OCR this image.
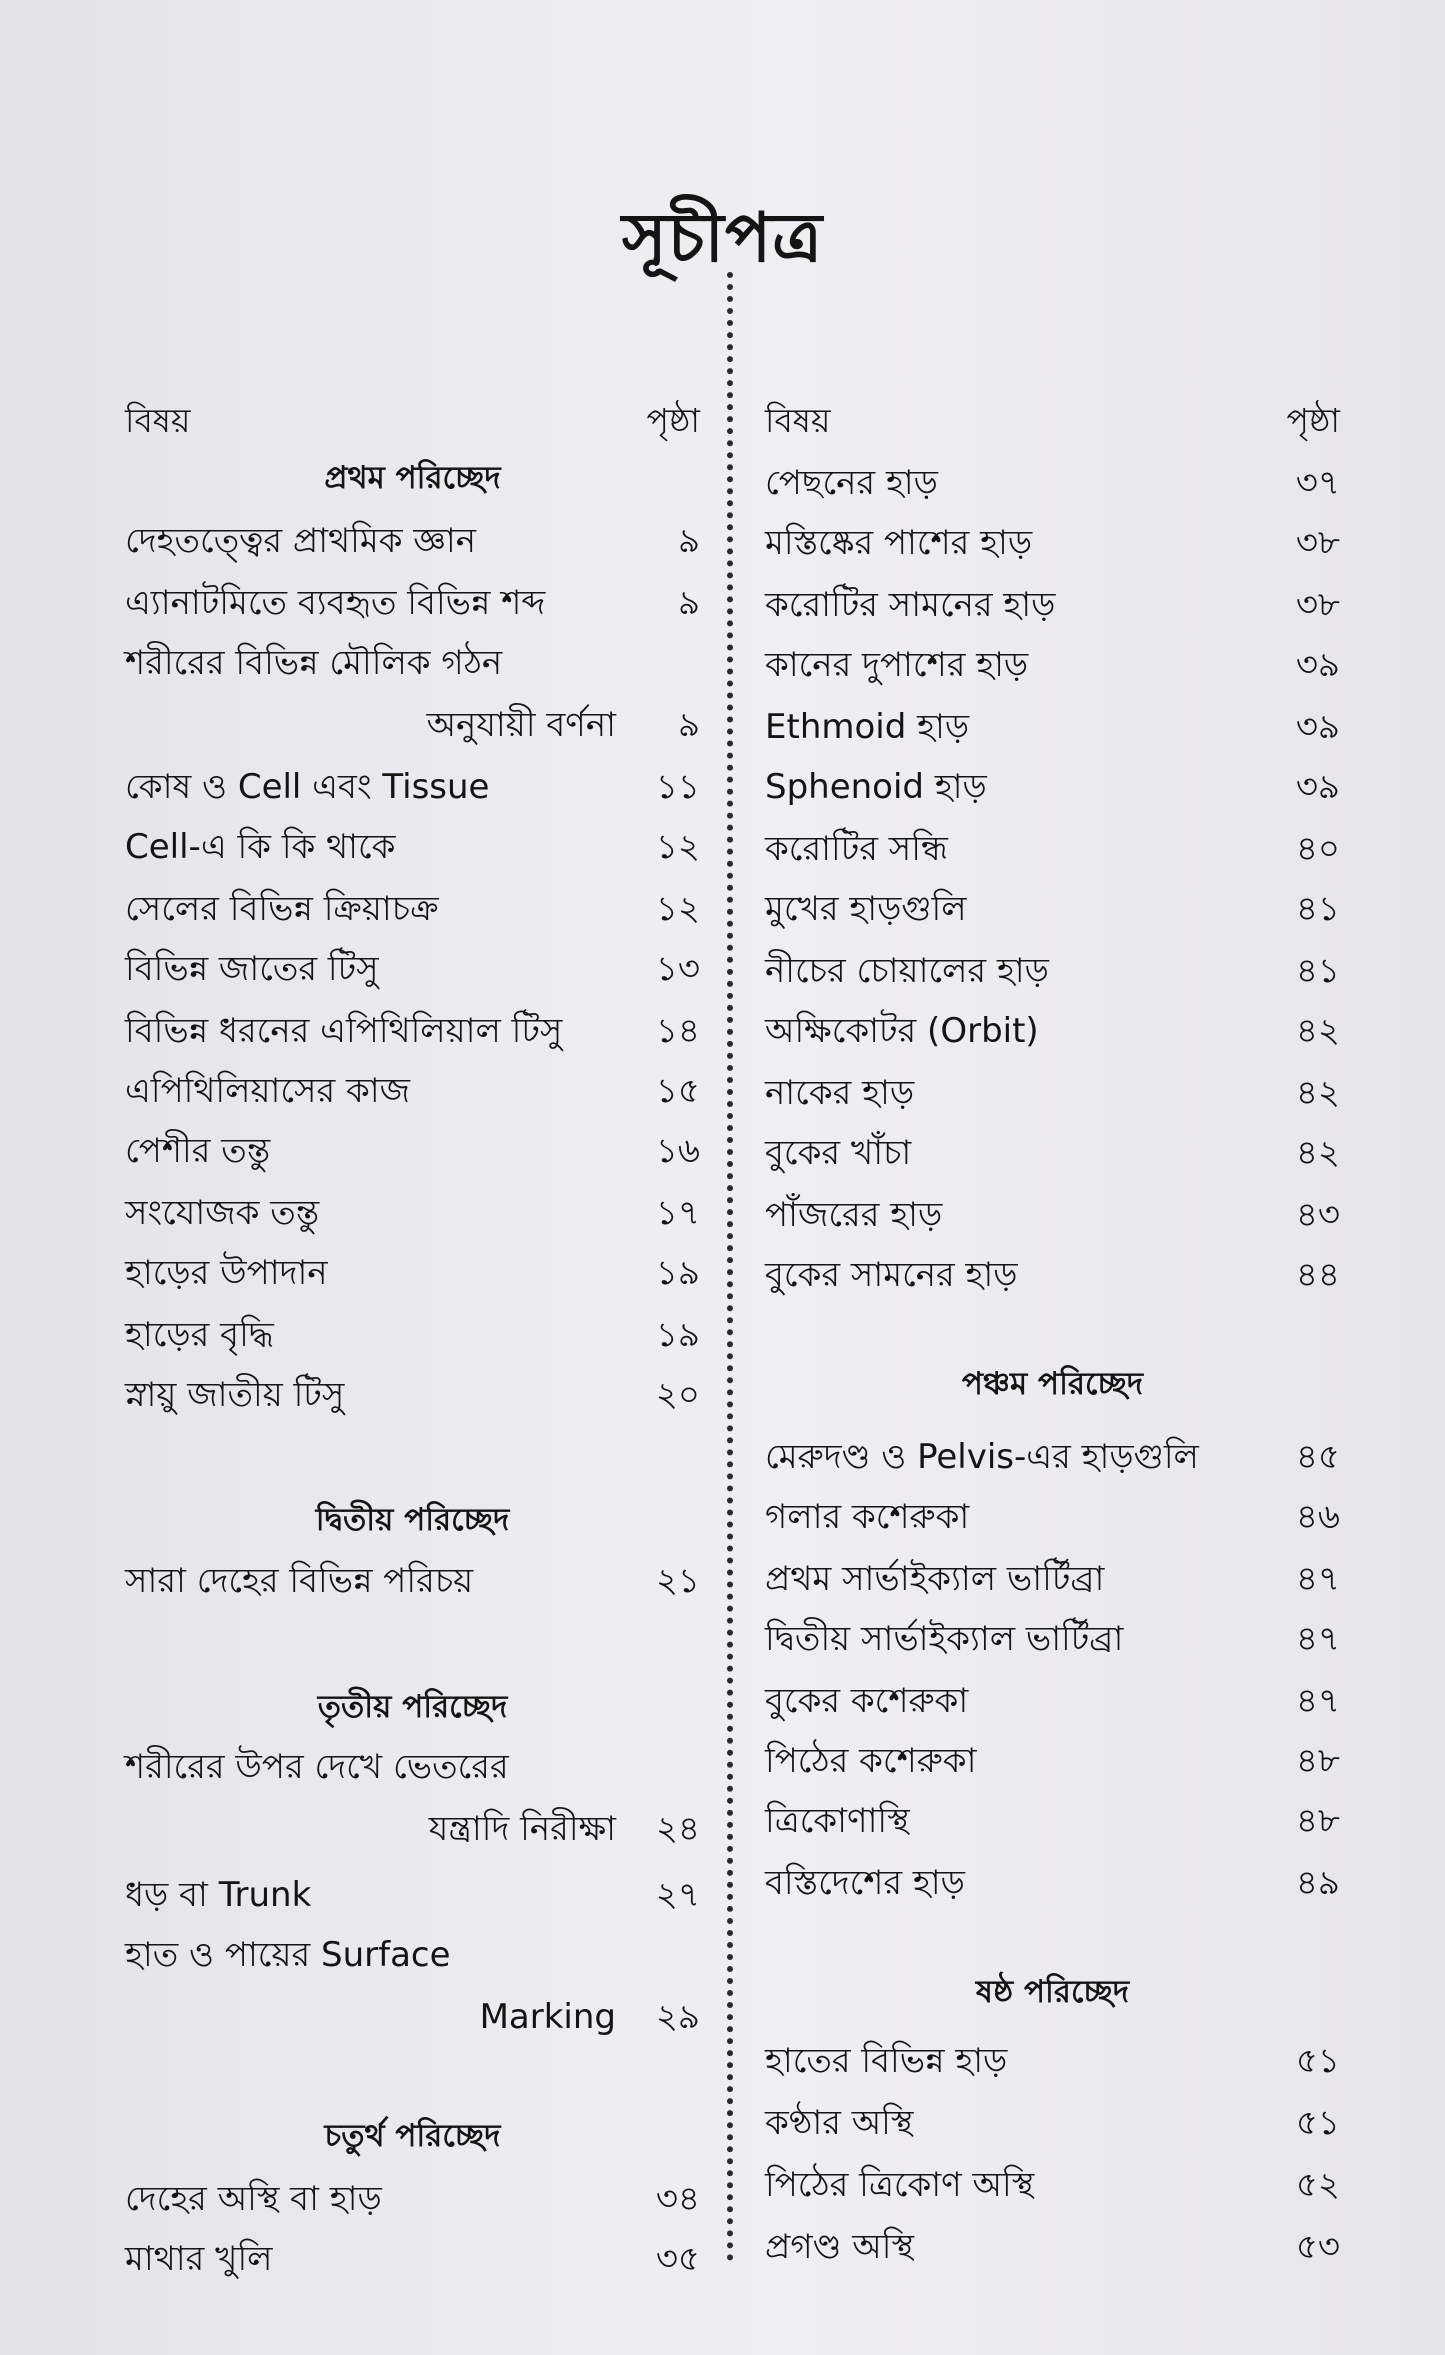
সূচীপত্র
বিষয়	পৃষ্ঠা
প্রথম পরিচ্ছেদ
দেহতত্ত্বের প্রাথমিক জ্ঞান	৯
এ্যানাটমিতে ব্যবহৃত বিভিন্ন শব্দ	৯
শরীরের বিভিন্ন মৌলিক গঠন
অনুযায়ী বর্ণনা	৯
কোষ ও Cell এবং Tissue	১১
Cell-এ কি কি থাকে	১২
সেলের বিভিন্ন ক্রিয়াচক্র	১২
বিভিন্ন জাতের টিসু	১৩
বিভিন্ন ধরনের এপিথিলিয়াল টিসু	১৪
এপিথিলিয়াসের কাজ	১৫
পেশীর তন্তু	১৬
সংযোজক তন্তু	১৭
হাড়ের উপাদান	১৯
হাড়ের বৃদ্ধি	১৯
স্নায়ু জাতীয় টিসু	২০
দ্বিতীয় পরিচ্ছেদ
সারা দেহের বিভিন্ন পরিচয়	২১
তৃতীয় পরিচ্ছেদ
শরীরের উপর দেখে ভেতরের
যন্ত্রাদি নিরীক্ষা	২৪
ধড় বা Trunk	২৭
হাত ও পায়ের Surface
Marking	২৯
চতুর্থ পরিচ্ছেদ
দেহের অস্থি বা হাড়	৩৪
মাথার খুলি	৩৫
বিষয়	পৃষ্ঠা
পেছনের হাড়	৩৭
মস্তিষ্কের পাশের হাড়	৩৮
করোটির সামনের হাড়	৩৮
কানের দুপাশের হাড়	৩৯
Ethmoid হাড়	৩৯
Sphenoid হাড়	৩৯
করোটির সন্ধি	৪০
মুখের হাড়গুলি	৪১
নীচের চোয়ালের হাড়	৪১
অক্ষিকোটর (Orbit)	৪২
নাকের হাড়	৪২
বুকের খাঁচা	৪২
পাঁজরের হাড়	৪৩
বুকের সামনের হাড়	৪৪
পঞ্চম পরিচ্ছেদ
মেরুদণ্ড ও Pelvis-এর হাড়গুলি	৪৫
গলার কশেরুকা	৪৬
প্রথম সার্ভাইক্যাল ভার্টিব্রা	৪৭
দ্বিতীয় সার্ভাইক্যাল ভার্টিব্রা	৪৭
বুকের কশেরুকা	৪৭
পিঠের কশেরুকা	৪৮
ত্রিকোণাস্থি	৪৮
বস্তিদেশের হাড়	৪৯
ষষ্ঠ পরিচ্ছেদ
হাতের বিভিন্ন হাড়	৫১
কণ্ঠার অস্থি	৫১
পিঠের ত্রিকোণ অস্থি	৫২
প্রগণ্ড অস্থি	৫৩
